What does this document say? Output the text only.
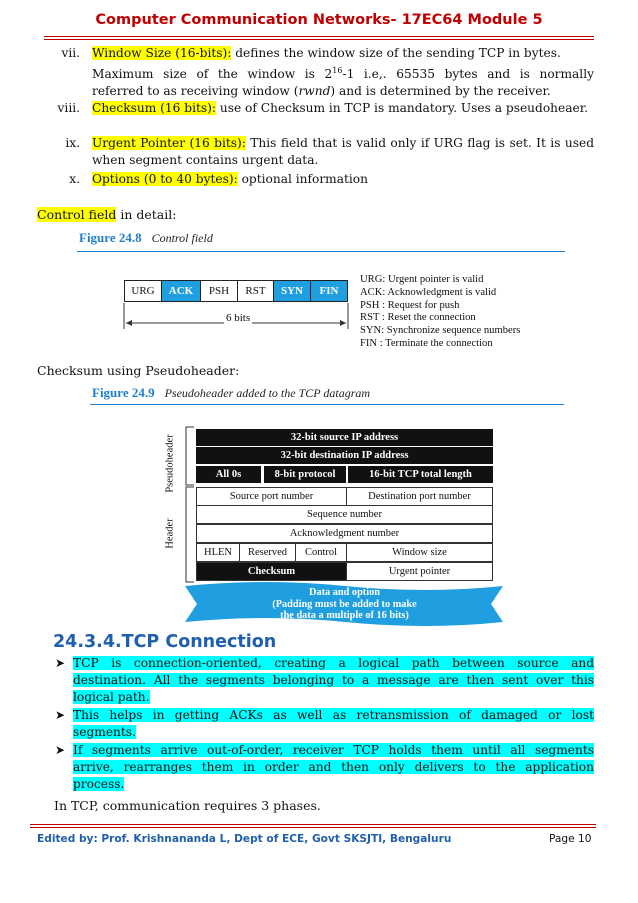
Computer Communication Networks- 17EC64 Module 5
vii. Window Size (16-bits): defines the window size of the sending TCP in bytes.
Maximum size of the window is $2^{16}-1$ i.e,. 65535 bytes and is normally
referred to as receiving window (rwnd) and is determined by the receiver.
viii. Checksum (16 bits): use of Checksum in TCP is mandatory. Uses a pseudoheaer.
ix. Urgent Pointer (16 bits): This field that is valid only if URG flag is set. It is used when segment contains urgent data.
x. Options (0 to 40 bytes): optional information
Control field in detail:
Figure 24.8 Control field
URG	ACK	PSH	RST	SYN	FIN
6 bits
URG: Urgent pointer is valid
ACK: Acknowledgment is valid
PSH : Request for push
RST : Reset the connection
SYN: Synchronize sequence numbers
FIN : Terminate the connection
Checksum using Pseudoheader:
Figure 24.9 Pseudoheader added to the TCP datagram
Pseudoheader
Header
32-bit source IP address
32-bit destination IP address
All 0s	8-bit protocol	16-bit TCP total length
Source port number	Destination port number
Sequence number
Acknowledgment number
HLEN	Reserved	Control	Window size
Checksum	Urgent pointer
Data and option
(Padding must be added to make
the data a multiple of 16 bits)
24.3.4.TCP Connection
➤ TCP is connection-oriented, creating a logical path between source and
destination. All the segments belonging to a message are then sent over this
logical path.
➤ This helps in getting ACKs as well as retransmission of damaged or lost
segments.
➤ If segments arrive out-of-order, receiver TCP holds them until all segments
arrive, rearranges them in order and then only delivers to the application
process.
In TCP, communication requires 3 phases.
Edited by: Prof. Krishnananda L, Dept of ECE, Govt SKSJTI, Bengaluru	Page 10
